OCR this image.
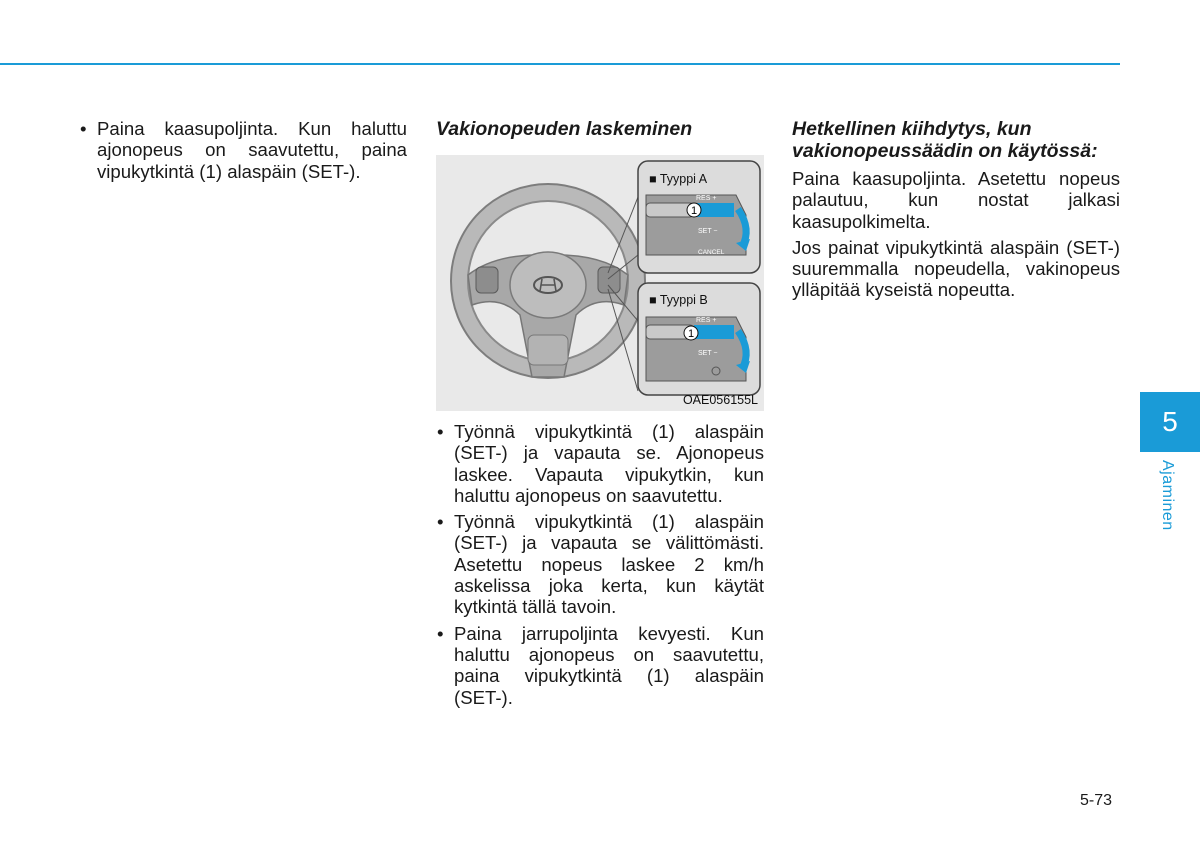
• Paina kaasupoljinta. Kun haluttu ajonopeus on saavutettu, paina vipukytkintä (1) alaspäin (SET-).
Vakionopeuden laskeminen
1
1
RES +
SET −
CANCEL
RES +
SET −
■ Tyyppi A
■ Tyyppi B
OAE056155L
• Työnnä vipukytkintä (1) alaspäin (SET-) ja vapauta se. Ajonopeus laskee. Vapauta vipukytkin, kun haluttu ajonopeus on saavutettu.
• Työnnä vipukytkintä (1) alaspäin (SET-) ja vapauta se välittömästi. Asetettu nopeus laskee 2 km/h askelissa joka kerta, kun käytät kytkintä tällä tavoin.
• Paina jarrupoljinta kevyesti. Kun haluttu ajonopeus on saavutettu, paina vipukytkintä (1) alaspäin (SET-).
Hetkellinen kiihdytys, kun vakionopeussäädin on käytössä:

Paina kaasupoljinta. Asetettu nopeus palautuu, kun nostat jalkasi kaasupolkimelta.

Jos painat vipukytkintä alaspäin (SET-) suuremmalla nopeudella, vakinopeus ylläpitää kyseistä nopeutta.

5
Ajaminen
5-73
